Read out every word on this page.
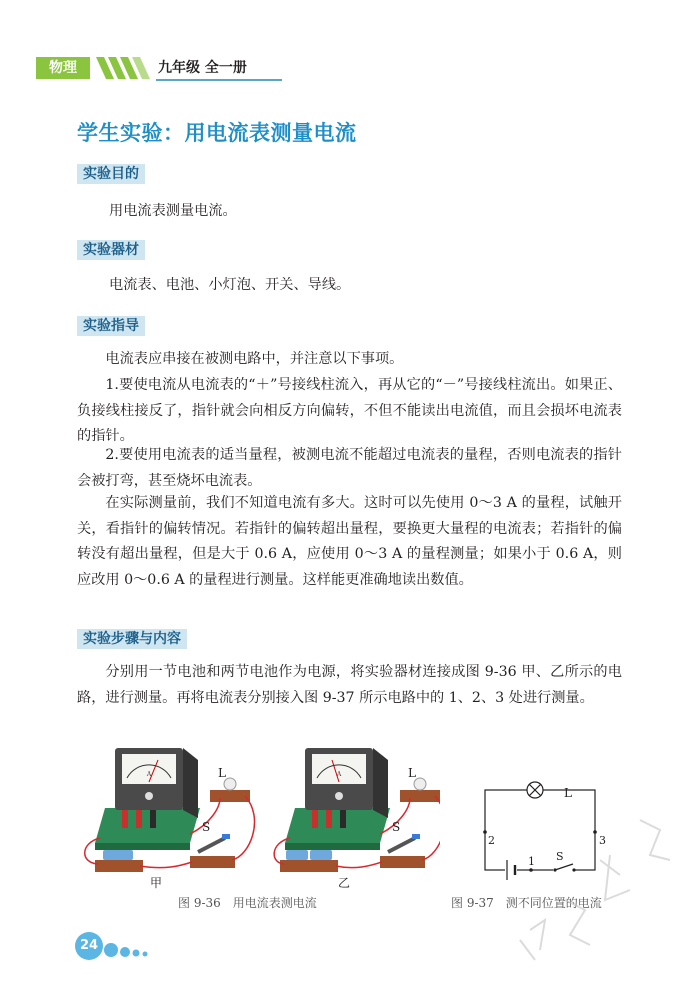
物理	九年级 全一册
学生实验：用电流表测量电流
实验目的
用电流表测量电流。
实验器材
电流表、电池、小灯泡、开关、导线。
实验指导
电流表应串接在被测电路中，并注意以下事项。
1.要使电流从电流表的“＋”号接线柱流入，再从它的“－”号接线柱流出。如果正、负接线柱接反了，指针就会向相反方向偏转，不但不能读出电流值，而且会损坏电流表的指针。
2.要使用电流表的适当量程，被测电流不能超过电流表的量程，否则电流表的指针会被打弯，甚至烧坏电流表。
在实际测量前，我们不知道电流有多大。这时可以先使用 0～3 A 的量程，试触开关，看指针的偏转情况。若指针的偏转超出量程，要换更大量程的电流表；若指针的偏转没有超出量程，但是大于 0.6 A，应使用 0～3 A 的量程测量；如果小于 0.6 A，则应改用 0～0.6 A 的量程进行测量。这样能更准确地读出数值。
实验步骤与内容
分别用一节电池和两节电池作为电源，将实验器材连接成图 9-36 甲、乙所示的电路，进行测量。再将电流表分别接入图 9-37 所示电路中的 1、2、3 处进行测量。
A	A
L
S
L
S
甲	乙
图 9-36　用电流表测电流
L
S
1
2	3
图 9-37　测不同位置的电流
24
